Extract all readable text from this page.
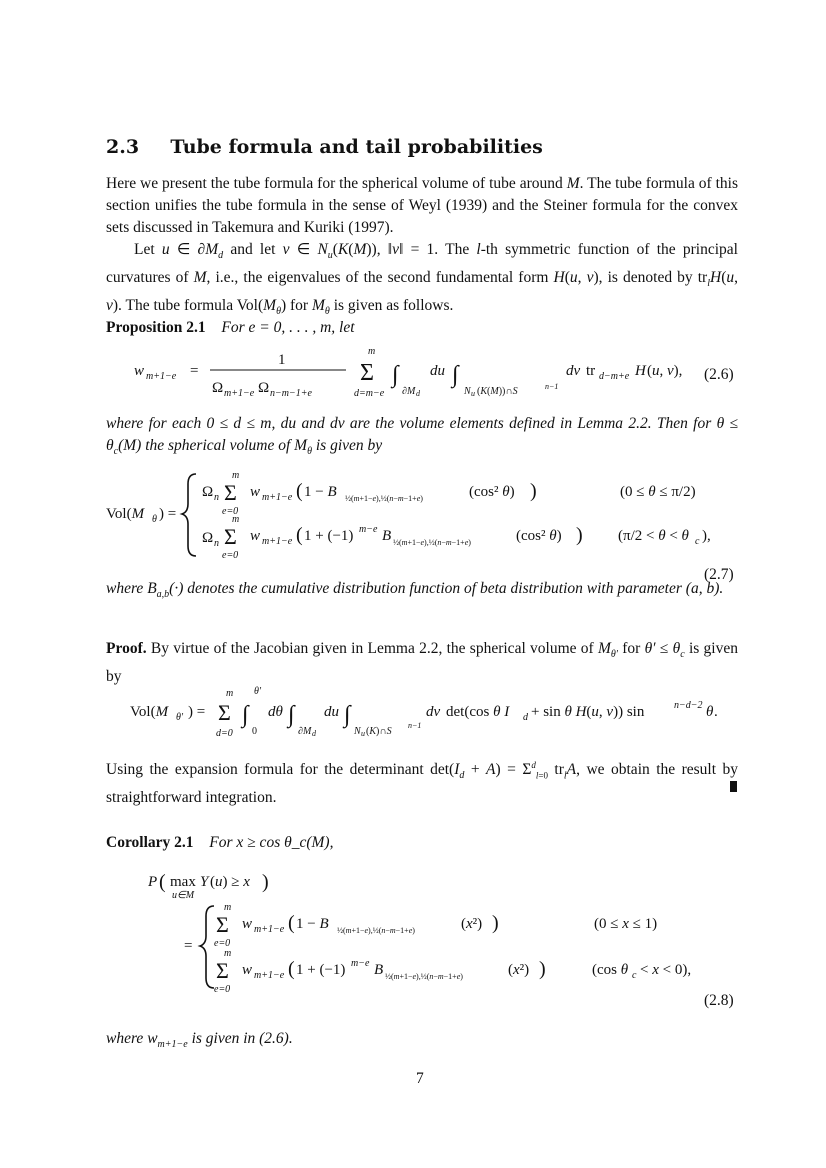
2.3 Tube formula and tail probabilities
Here we present the tube formula for the spherical volume of tube around M. The tube formula of this section unifies the tube formula in the sense of Weyl (1939) and the Steiner formula for the convex sets discussed in Takemura and Kuriki (1997).
Let u ∈ $\partial M_d$ and let v ∈ $N_u(K(M))$, ‖v‖ = 1. The l-th symmetric function of the principal curvatures of M, i.e., the eigenvalues of the second fundamental form H(u, v), is denoted by $tr_lH(u$, v). The tube formula $Vol(M_\theta)$ for $M_\theta$ is given as follows.
Proposition 2.1 For e = 0, . . . , m, let
w m+1−e =
1
Ω m+1−e Ω n−m−1+e
m
Σ
d=m−e
∫
∂M d
du ∫
N u (K(M))∩S	n−1
dv tr d−m+e H (u, v), (2.6)
where for each 0 ≤ d ≤ m, du and dv are the volume elements defined in Lemma 2.2. Then for $\theta \le \theta_c(M)$ the spherical volume of $M_\theta$ is given by
Vol(M θ ) =
Ω n
m
Σ
e=0
w m+1−e ( 1 − B ½(m+1−e),½(n−m−1+e)	(cos² θ) )	(0 ≤ θ ≤ π/2)
Ω n
m
Σ
e=0
w m+1−e ( 1 + (−1) m−e B ½(m+1−e),½(n−m−1+e)	(cos² θ) ) (π/2 < θ < θ c ),
(2.7)
where $B_{a,b}(\cdot)$ denotes the cumulative distribution function of beta distribution with parameter (a, b).
Proof. By virtue of the Jacobian given in Lemma 2.2, the spherical volume of $M_{\theta'}$ for $\theta' \le \theta_c$ is given by
Vol(M θ′ ) =
m
Σ
d=0
∫
θ′
0
dθ ∫
∂M d
du ∫
N u (K)∩S
n−1
dv det(cos θ I d + sin θ H(u, v)) sin	n−d−2 θ .
Using the expansion formula for the determinant $\det(I_d + A) = \Sigma^d_{l=0}$ $tr_lA$, we obtain the result by straightforward integration.
Corollary 2.1 For x ≥ cos θ_c(M),
P ( max
u∈M
Y (u) ≥ x )
=
m
Σ
e=0
w m+1−e ( 1 − B ½(m+1−e),½(n−m−1+e)	(x²) )	(0 ≤ x ≤ 1)
m
Σ
e=0
w m+1−e ( 1 + (−1) m−e B ½(m+1−e),½(n−m−1+e)	(x²) )	(cos θ c < x < 0),
(2.8)
where $w_{m+1-e}$ is given in (2.6).
7
